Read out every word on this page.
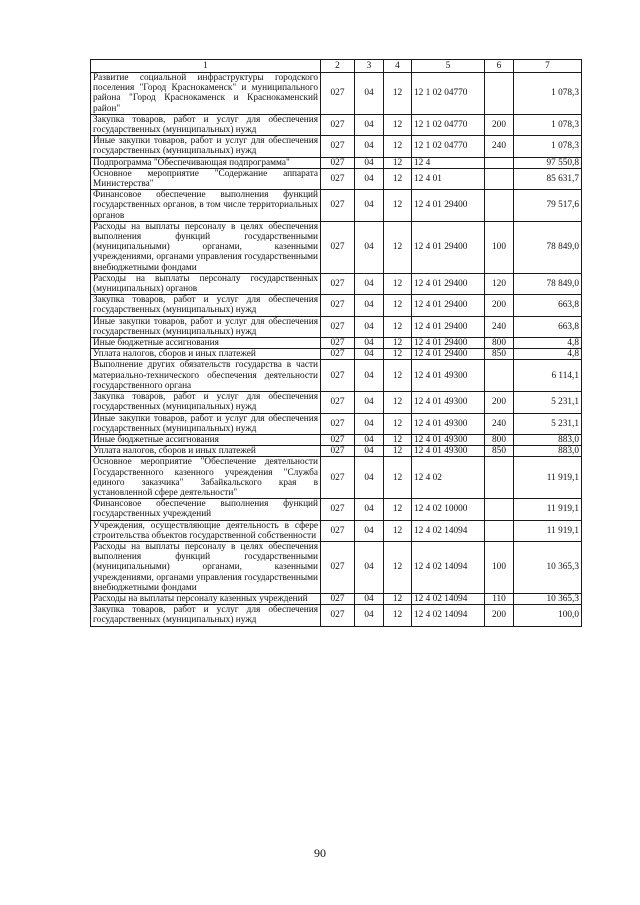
1	2	3	4	5	6	7
Развитие социальной инфраструктуры городского поселения "Город Краснокаменск" и муниципального района "Город Краснокаменск и Краснокаменский район"	027	04	12	12 1 02 04770		1 078,3
Закупка товаров, работ и услуг для обеспечения государственных (муниципальных) нужд	027	04	12	12 1 02 04770	200	1 078,3
Иные закупки товаров, работ и услуг для обеспечения государственных (муниципальных) нужд	027	04	12	12 1 02 04770	240	1 078,3
Подпрограмма "Обеспечивающая подпрограмма"	027	04	12	12 4		97 550,8
Основное мероприятие "Содержание аппарата Министерства"	027	04	12	12 4 01		85 631,7
Финансовое обеспечение выполнения функций государственных органов, в том числе территориальных органов	027	04	12	12 4 01 29400		79 517,6
Расходы на выплаты персоналу в целях обеспечения выполнения функций государственными (муниципальными) органами, казенными учреждениями, органами управления государственными внебюджетными фондами	027	04	12	12 4 01 29400	100	78 849,0
Расходы на выплаты персоналу государственных (муниципальных) органов	027	04	12	12 4 01 29400	120	78 849,0
Закупка товаров, работ и услуг для обеспечения государственных (муниципальных) нужд	027	04	12	12 4 01 29400	200	663,8
Иные закупки товаров, работ и услуг для обеспечения государственных (муниципальных) нужд	027	04	12	12 4 01 29400	240	663,8
Иные бюджетные ассигнования	027	04	12	12 4 01 29400	800	4,8
Уплата налогов, сборов и иных платежей	027	04	12	12 4 01 29400	850	4,8
Выполнение других обязательств государства в части материально-технического обеспечения деятельности государственного органа	027	04	12	12 4 01 49300		6 114,1
Закупка товаров, работ и услуг для обеспечения государственных (муниципальных) нужд	027	04	12	12 4 01 49300	200	5 231,1
Иные закупки товаров, работ и услуг для обеспечения государственных (муниципальных) нужд	027	04	12	12 4 01 49300	240	5 231,1
Иные бюджетные ассигнования	027	04	12	12 4 01 49300	800	883,0
Уплата налогов, сборов и иных платежей	027	04	12	12 4 01 49300	850	883,0
Основное мероприятие "Обеспечение деятельности Государственного казенного учреждения "Служба единого заказчика" Забайкальского края в установленной сфере деятельности"	027	04	12	12 4 02		11 919,1
Финансовое обеспечение выполнения функций государственных учреждений	027	04	12	12 4 02 10000		11 919,1
Учреждения, осуществляющие деятельность в сфере строительства объектов государственной собственности	027	04	12	12 4 02 14094		11 919,1
Расходы на выплаты персоналу в целях обеспечения выполнения функций государственными (муниципальными) органами, казенными учреждениями, органами управления государственными внебюджетными фондами	027	04	12	12 4 02 14094	100	10 365,3
Расходы на выплаты персоналу казенных учреждений	027	04	12	12 4 02 14094	110	10 365,3
Закупка товаров, работ и услуг для обеспечения государственных (муниципальных) нужд	027	04	12	12 4 02 14094	200	100,0
90
